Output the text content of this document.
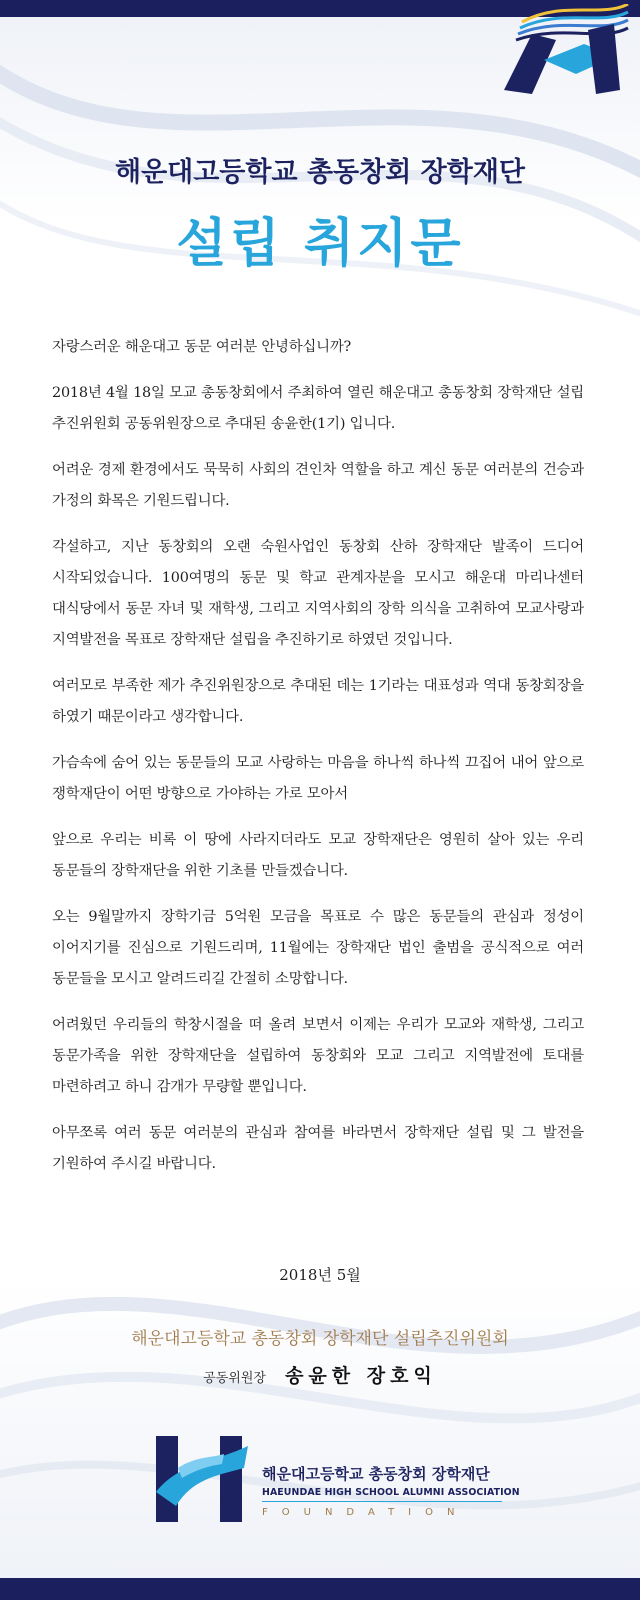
해운대고등학교 총동창회 장학재단
설립 취지문

자랑스러운 해운대고 동문 여러분 안녕하십니까?

2018년 4월 18일 모교 총동창회에서 주최하여 열린 해운대고 총동창회 장학재단 설립 추진위원회 공동위원장으로 추대된 송윤한(1기) 입니다.

어려운 경제 환경에서도 묵묵히 사회의 견인차 역할을 하고 계신 동문 여러분의 건승과 가정의 화목은 기원드립니다.

각설하고, 지난 동창회의 오랜 숙원사업인 동창회 산하 장학재단 발족이 드디어 시작되었습니다. 100여명의 동문 및 학교 관계자분을 모시고 해운대 마리나센터 대식당에서 동문 자녀 및 재학생, 그리고 지역사회의 장학 의식을 고취하여 모교사랑과 지역발전을 목표로 장학재단 설립을 추진하기로 하였던 것입니다.

여러모로 부족한 제가 추진위원장으로 추대된 데는 1기라는 대표성과 역대 동창회장을 하였기 때문이라고 생각합니다.

가슴속에 숨어 있는 동문들의 모교 사랑하는 마음을 하나씩 하나씩 끄집어 내어 앞으로 쟁학재단이 어떤 방향으로 가야하는 가로 모아서

앞으로 우리는 비록 이 땅에 사라지더라도 모교 장학재단은 영원히 살아 있는 우리 동문들의 장학재단을 위한 기초를 만들겠습니다.

오는 9월말까지 장학기금 5억원 모금을 목표로 수 많은 동문들의 관심과 정성이 이어지기를 진심으로 기원드리며, 11월에는 장학재단 법인 출범을 공식적으로 여러 동문들을 모시고 알려드리길 간절히 소망합니다.

어려웠던 우리들의 학창시절을 떠 올려 보면서 이제는 우리가 모교와 재학생, 그리고 동문가족을 위한 장학재단을 설립하여 동창회와 모교 그리고 지역발전에 토대를 마련하려고 하니 감개가 무량할 뿐입니다.

아무쪼록 여러 동문 여러분의 관심과 참여를 바라면서 장학재단 설립 및 그 발전을 기원하여 주시길 바랍니다.

2018년 5월
해운대고등학교 총동창회 장학재단 설립추진위원회
공동위원장 송윤한 장호익
해운대고등학교 총동창회 장학재단
HAEUNDAE HIGH SCHOOL ALUMNI ASSOCIATION
FOUNDATION
